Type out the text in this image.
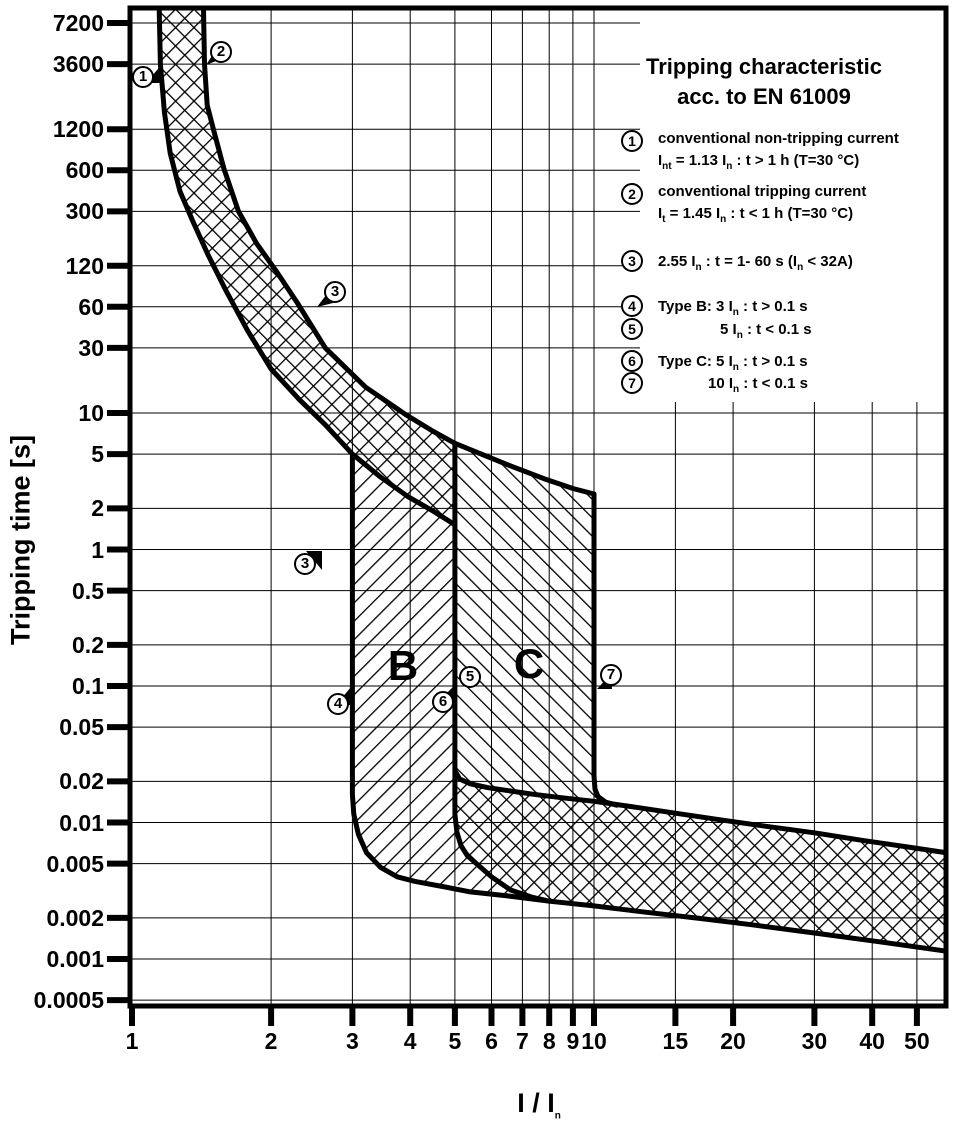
7200
3600
1200
600
300
120
60
30
10
5
2
1
0.5
0.2
0.1
0.05
0.02
0.01
0.005
0.002
0.001
0.0005
1	2	3	4	5	6 7 8 9 10	15	20	30	40 50
Tripping time [s]
I / $I_n$
Tripping characteristic
acc. to EN 61009
1	conventional non-tripping current
$I_{nt} = 1.13$ $I_n$ : t > 1 h (T=30 °C)
2	conventional tripping current
$I_t = 1.45$ $I_n$ : t < 1 h (T=30 °C)
3	2.55 $I_n$ : t = 1- 60 s $(I_n < 32A)$
4	Type B: 3 $I_n$ : t > 0.1 s
5	5 $I_n$ : t < 0.1 s
6	Type C: 5 $I_n$ : t > 0.1 s
7	10 $I_n$ : t < 0.1 s
1
2
3
3
4
5
6
7
B C
